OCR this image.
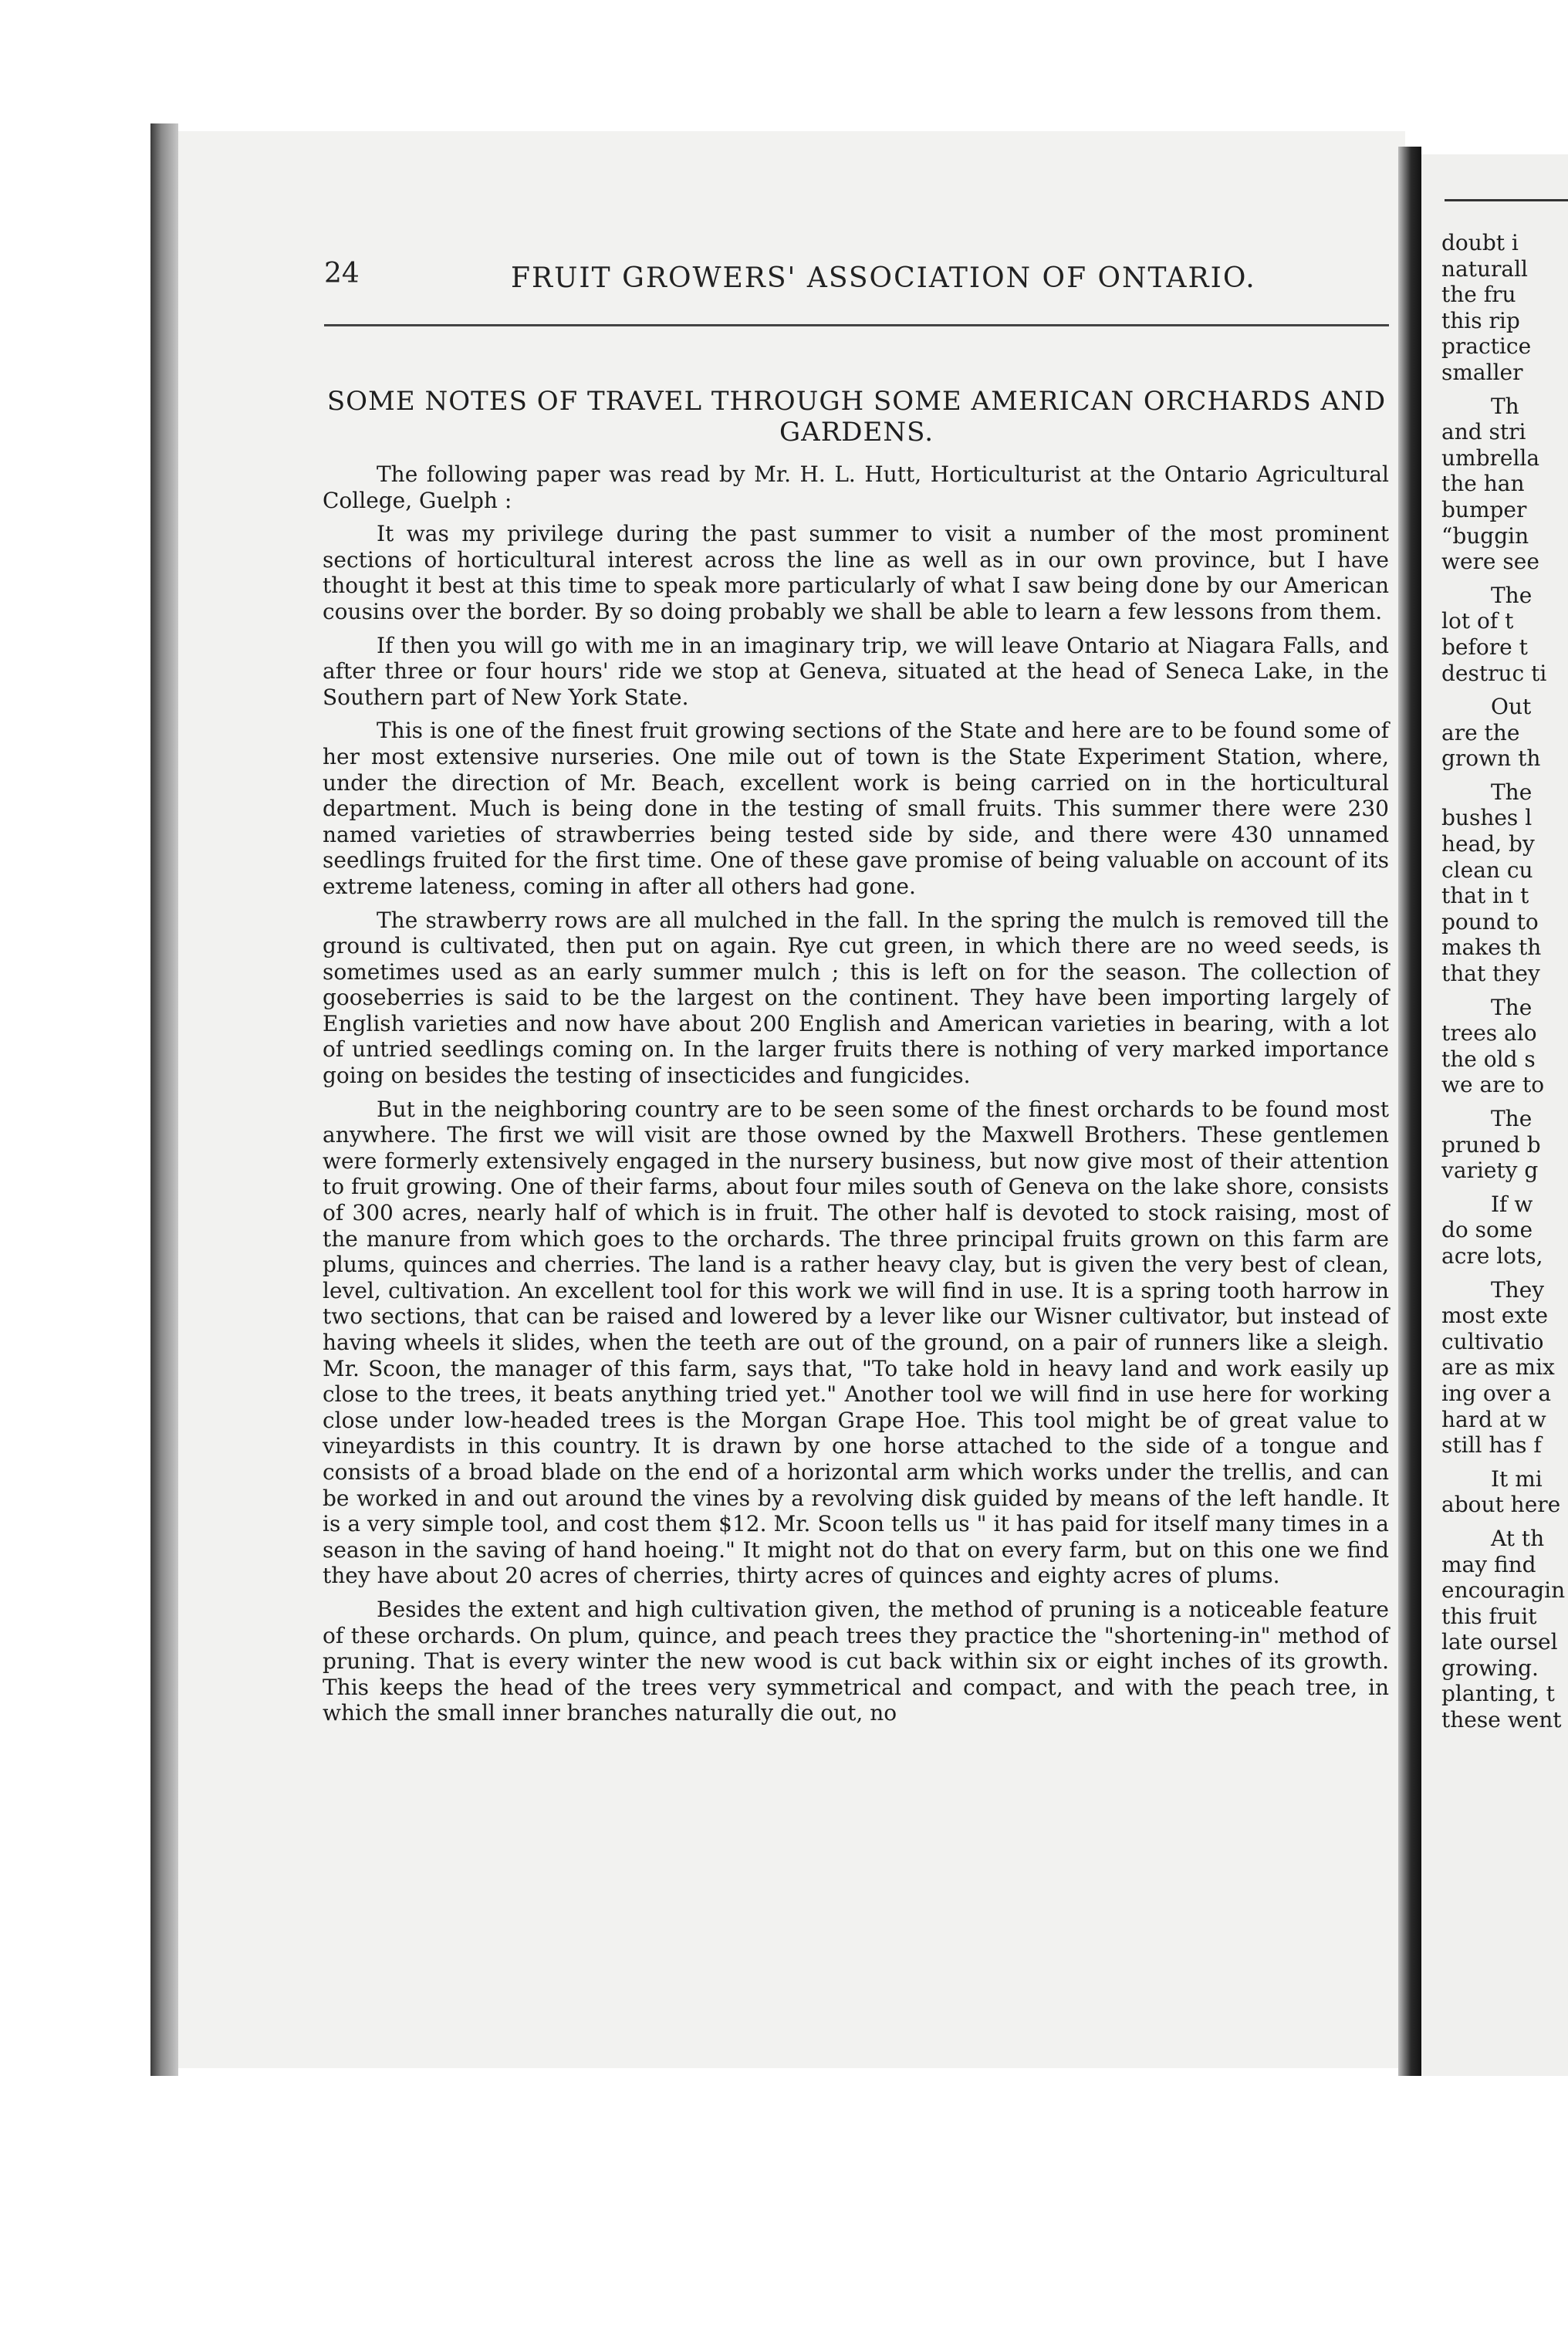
24	FRUIT GROWERS' ASSOCIATION OF ONTARIO.
SOME NOTES OF TRAVEL THROUGH SOME AMERICAN ORCHARDS AND GARDENS.

The following paper was read by Mr. H. L. Hutt, Horticulturist at the Ontario Agricultural College, Guelph :

It was my privilege during the past summer to visit a number of the most prominent sections of horticultural interest across the line as well as in our own province, but I have thought it best at this time to speak more particularly of what I saw being done by our American cousins over the border. By so doing probably we shall be able to learn a few lessons from them.

If then you will go with me in an imaginary trip, we will leave Ontario at Niagara Falls, and after three or four hours' ride we stop at Geneva, situated at the head of Seneca Lake, in the Southern part of New York State.

This is one of the finest fruit growing sections of the State and here are to be found some of her most extensive nurseries. One mile out of town is the State Experiment Station, where, under the direction of Mr. Beach, excellent work is being carried on in the horticultural department. Much is being done in the testing of small fruits. This summer there were 230 named varieties of strawberries being tested side by side, and there were 430 unnamed seedlings fruited for the first time. One of these gave promise of being valuable on account of its extreme lateness, coming in after all others had gone.

The strawberry rows are all mulched in the fall. In the spring the mulch is removed till the ground is cultivated, then put on again. Rye cut green, in which there are no weed seeds, is sometimes used as an early summer mulch ; this is left on for the season. The collection of gooseberries is said to be the largest on the continent. They have been importing largely of English varieties and now have about 200 English and American varieties in bearing, with a lot of untried seedlings coming on. In the larger fruits there is nothing of very marked importance going on besides the testing of insecticides and fungicides.

But in the neighboring country are to be seen some of the finest orchards to be found most anywhere. The first we will visit are those owned by the Maxwell Brothers. These gentlemen were formerly extensively engaged in the nursery business, but now give most of their attention to fruit growing. One of their farms, about four miles south of Geneva on the lake shore, consists of 300 acres, nearly half of which is in fruit. The other half is devoted to stock raising, most of the manure from which goes to the orchards. The three principal fruits grown on this farm are plums, quinces and cherries. The land is a rather heavy clay, but is given the very best of clean, level, cultivation. An excellent tool for this work we will find in use. It is a spring tooth harrow in two sections, that can be raised and lowered by a lever like our Wisner cultivator, but instead of having wheels it slides, when the teeth are out of the ground, on a pair of runners like a sleigh. Mr. Scoon, the manager of this farm, says that, "To take hold in heavy land and work easily up close to the trees, it beats anything tried yet." Another tool we will find in use here for working close under low-headed trees is the Morgan Grape Hoe. This tool might be of great value to vineyardists in this country. It is drawn by one horse attached to the side of a tongue and consists of a broad blade on the end of a horizontal arm which works under the trellis, and can be worked in and out around the vines by a revolving disk guided by means of the left handle. It is a very simple tool, and cost them $12. Mr. Scoon tells us " it has paid for itself many times in a season in the saving of hand hoeing." It might not do that on every farm, but on this one we find they have about 20 acres of cherries, thirty acres of quinces and eighty acres of plums.

Besides the extent and high cultivation given, the method of pruning is a noticeable feature of these orchards. On plum, quince, and peach trees they practice the "shortening-in" method of pruning. That is every winter the new wood is cut back within six or eight inches of its growth. This keeps the head of the trees very symmetrical and compact, and with the peach tree, in which the small inner branches naturally die out, no

doubt i
naturall
the fru
this rip
practice
smaller
Th
and stri
umbrella
the han
bumper
“buggin
were see
The
lot of t
before t
destruc ti
Out
are the
grown th
The
bushes l
head, by
clean cu
that in t
pound to
makes th
that they
The
trees alo
the old s
we are to
The
pruned b
variety g
If w
do some
acre lots,
They
most exte
cultivatio
are as mix
ing over a
hard at w
still has f
It mi
about here
At th
may find
encouragin
this fruit
late oursel
growing.
planting, t
these went
